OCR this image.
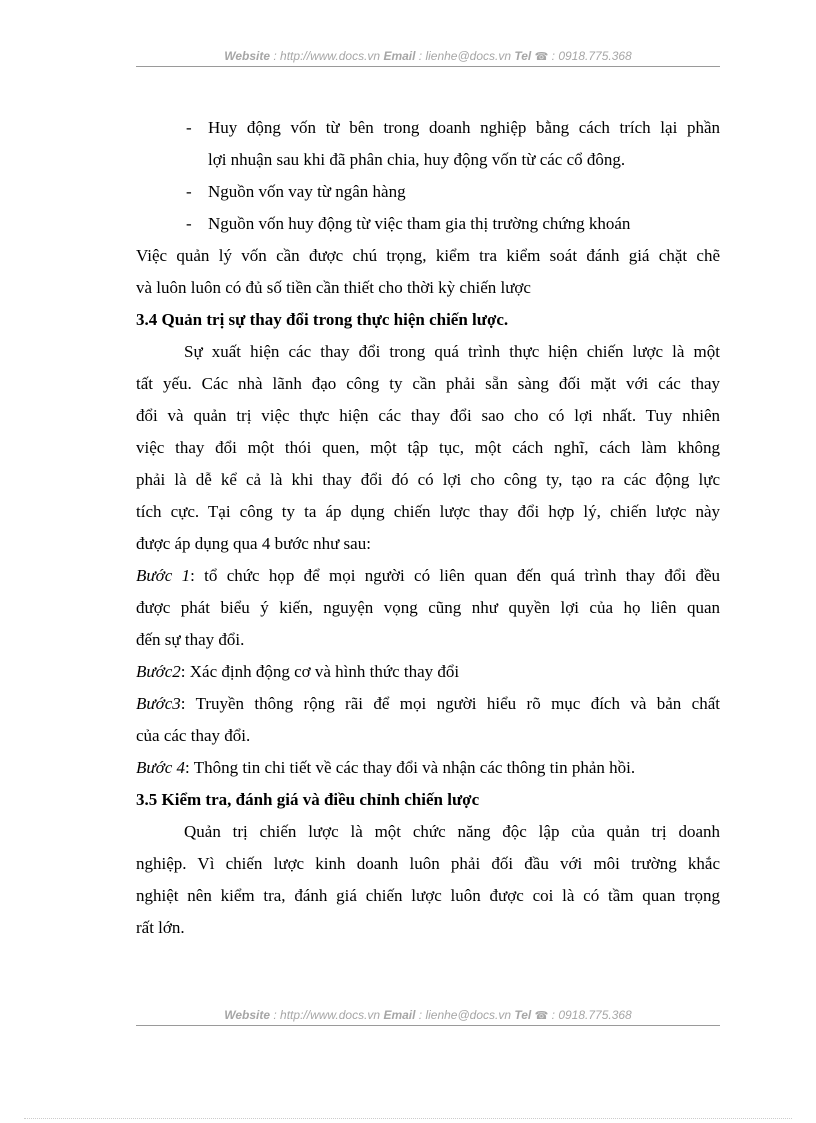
Website : http://www.docs.vn Email : lienhe@docs.vn Tel ☎ : 0918.775.368
- Huy động vốn từ bên trong doanh nghiệp bằng cách trích lại phần
lợi nhuận sau khi đã phân chia, huy động vốn từ các cổ đông.
- Nguồn vốn vay từ ngân hàng
- Nguồn vốn huy động từ việc tham gia thị trường chứng khoán
Việc quản lý vốn cần được chú trọng, kiểm tra kiểm soát đánh giá chặt chẽ
và luôn luôn có đủ số tiền cần thiết cho thời kỳ chiến lược
3.4 Quản trị sự thay đổi trong thực hiện chiến lược.
Sự xuất hiện các thay đổi trong quá trình thực hiện chiến lược là một
tất yếu. Các nhà lãnh đạo công ty cần phải sẵn sàng đối mặt với các thay
đổi và quản trị việc thực hiện các thay đổi sao cho có lợi nhất. Tuy nhiên
việc thay đổi một thói quen, một tập tục, một cách nghĩ, cách làm không
phải là dễ kể cả là khi thay đổi đó có lợi cho công ty, tạo ra các động lực
tích cực. Tại công ty ta áp dụng chiến lược thay đổi hợp lý, chiến lược này
được áp dụng qua 4 bước như sau:
Bước 1: tổ chức họp để mọi người có liên quan đến quá trình thay đổi đều
được phát biểu ý kiến, nguyện vọng cũng như quyền lợi của họ liên quan
đến sự thay đổi.
Bước2: Xác định động cơ và hình thức thay đổi
Bước3: Truyền thông rộng rãi để mọi người hiểu rõ mục đích và bản chất
của các thay đổi.
Bước 4: Thông tin chi tiết về các thay đổi và nhận các thông tin phản hồi.
3.5 Kiểm tra, đánh giá và điều chỉnh chiến lược
Quản trị chiến lược là một chức năng độc lập của quản trị doanh
nghiệp. Vì chiến lược kinh doanh luôn phải đối đầu với môi trường khắc
nghiệt nên kiểm tra, đánh giá chiến lược luôn được coi là có tầm quan trọng
rất lớn.
Website : http://www.docs.vn Email : lienhe@docs.vn Tel ☎ : 0918.775.368
